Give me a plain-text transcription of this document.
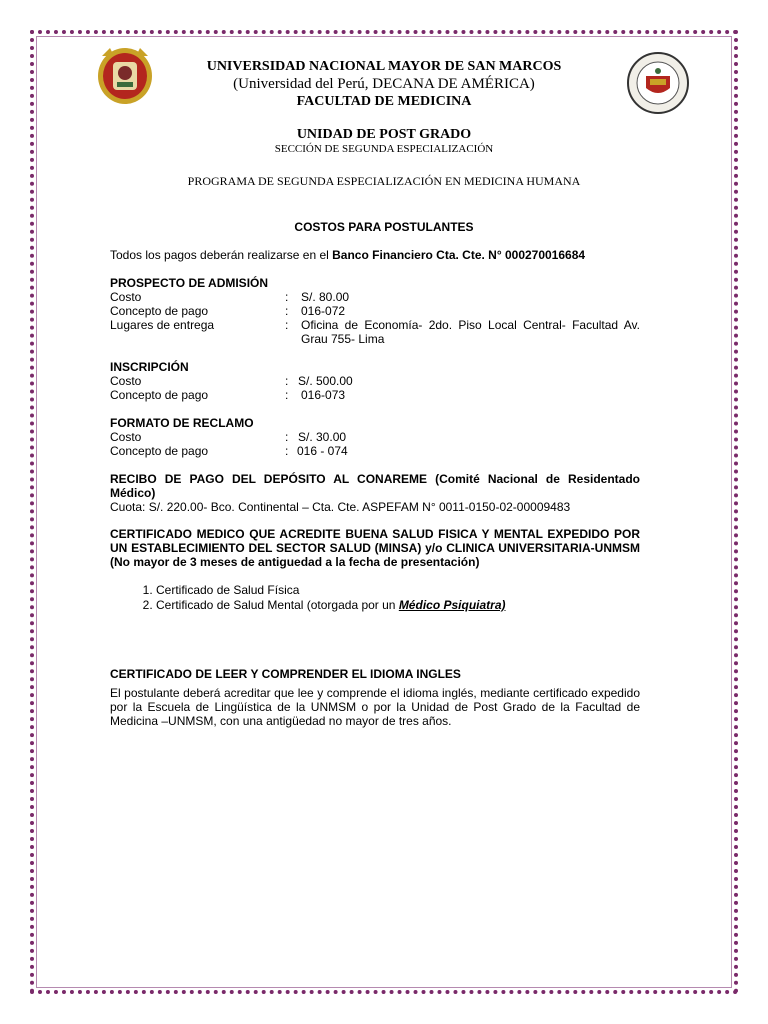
UNIVERSIDAD NACIONAL MAYOR DE SAN MARCOS
(Universidad del Perú, DECANA DE AMÉRICA)
FACULTAD DE MEDICINA
UNIDAD DE POST GRADO
SECCIÓN DE SEGUNDA ESPECIALIZACIÓN
PROGRAMA DE SEGUNDA ESPECIALIZACIÓN EN MEDICINA HUMANA
COSTOS PARA POSTULANTES
Todos los pagos deberán realizarse en el Banco Financiero Cta. Cte. N° 000270016684
PROSPECTO DE ADMISIÓN
Costo	: S/. 80.00
Concepto de pago	: 016-072
Lugares de entrega	: Oficina de Economía- 2do. Piso Local Central- Facultad Av. Grau 755- Lima
INSCRIPCIÓN
Costo	: S/. 500.00
Concepto de pago	: 016-073
FORMATO DE RECLAMO
Costo	: S/. 30.00
Concepto de pago	: 016 - 074
RECIBO DE PAGO DEL DEPÓSITO AL CONAREME (Comité Nacional de Residentado Médico)
Cuota: S/. 220.00- Bco. Continental – Cta. Cte. ASPEFAM N° 0011-0150-02-00009483
CERTIFICADO MEDICO QUE ACREDITE BUENA SALUD FISICA Y MENTAL EXPEDIDO POR UN ESTABLECIMIENTO DEL SECTOR SALUD (MINSA) y/o CLINICA UNIVERSITARIA-UNMSM (No mayor de 3 meses de antiguedad a la fecha de presentación)
1. Certificado de Salud Física
2. Certificado de Salud Mental (otorgada por un Médico Psiquiatra)
CERTIFICADO DE LEER Y COMPRENDER EL IDIOMA INGLES
El postulante deberá acreditar que lee y comprende el idioma inglés, mediante certificado expedido por la Escuela de Lingüística de la UNMSM o por la Unidad de Post Grado de la Facultad de Medicina –UNMSM, con una antigüedad no mayor de tres años.
